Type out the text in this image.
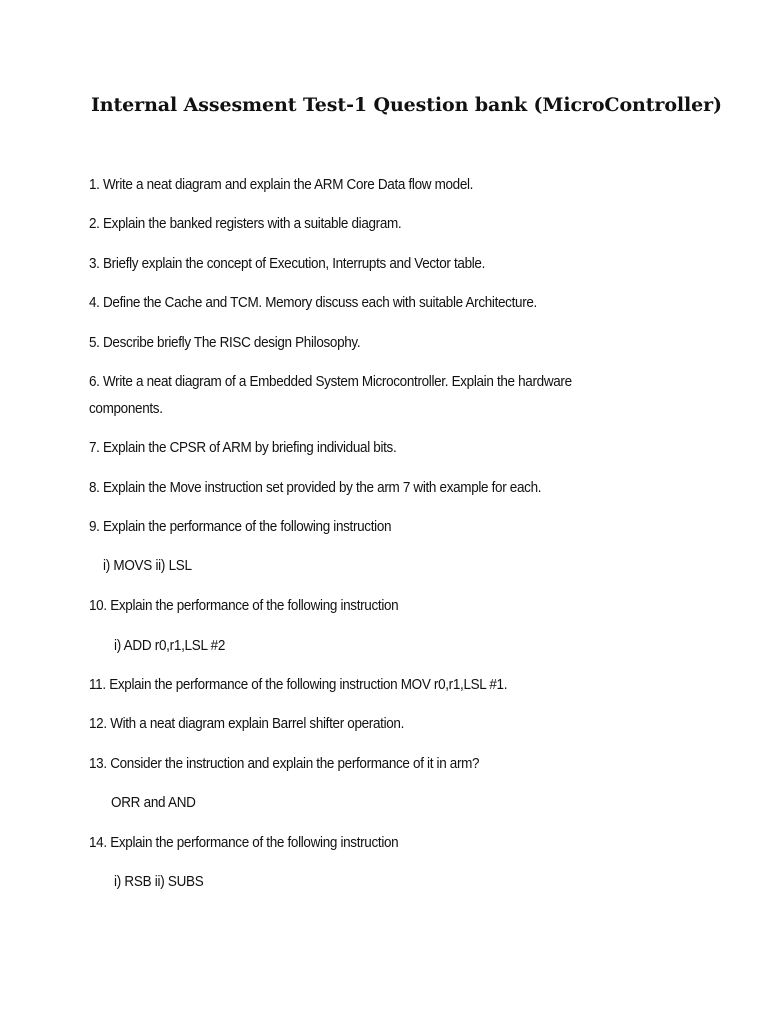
Internal Assesment Test-1 Question bank (MicroController)

1. Write a neat diagram and explain the ARM Core Data flow model.

2. Explain the banked registers with a suitable diagram.

3. Briefly explain the concept of Execution, Interrupts and Vector table.

4. Define the Cache and TCM. Memory discuss each with suitable Architecture.

5. Describe briefly The RISC design Philosophy.

6. Write a neat diagram of a Embedded System Microcontroller. Explain the hardware components.

7. Explain the CPSR of ARM by briefing individual bits.

8. Explain the Move instruction set provided by the arm 7 with example for each.

9. Explain the performance of the following instruction

i) MOVS ii) LSL

10. Explain the performance of the following instruction

i) ADD r0,r1,LSL #2

11. Explain the performance of the following instruction MOV r0,r1,LSL #1.

12. With a neat diagram explain Barrel shifter operation.

13. Consider the instruction and explain the performance of it in arm?

ORR and AND

14. Explain the performance of the following instruction

i) RSB ii) SUBS
